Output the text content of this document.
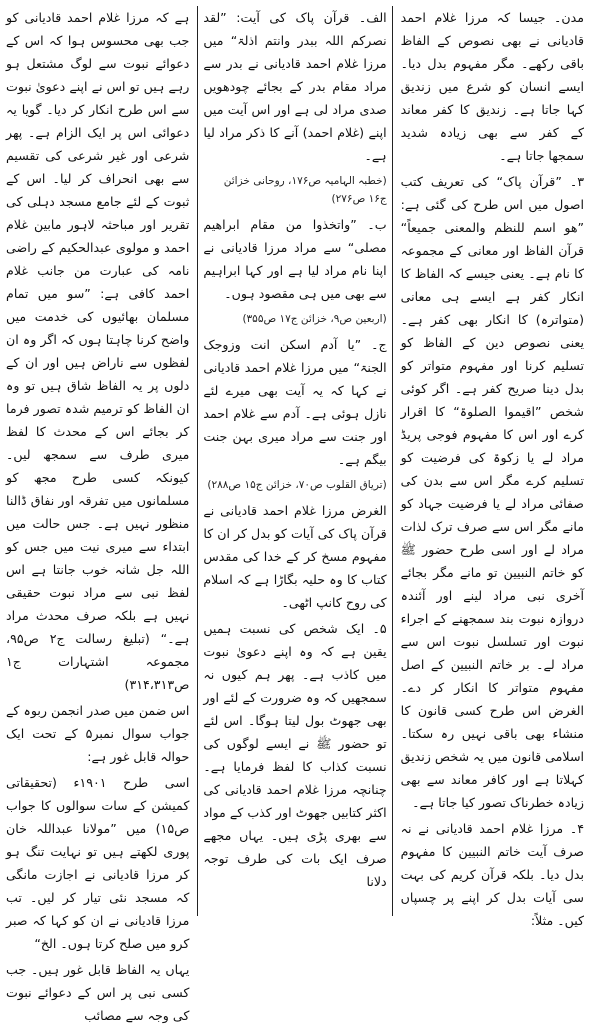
مدن۔ جیسا کہ مرزا غلام احمد قادیانی نے بھی نصوص کے الفاظ باقی رکھے۔ مگر مفہوم بدل دیا۔ ایسے انسان کو شرع میں زندیق کہا جاتا ہے۔ زندیق کا کفر معاند کے کفر سے بھی زیادہ شدید سمجھا جاتا ہے۔

۳۔ ”قرآن پاک“ کی تعریف کتب اصول میں اس طرح کی گئی ہے: ”ھو اسم للنظم والمعنی جمیعاً“ قرآن الفاظ اور معانی کے مجموعہ کا نام ہے۔ یعنی جیسے کہ الفاظ کا انکار کفر ہے ایسے ہی معانی (متواترہ) کا انکار بھی کفر ہے۔ یعنی نصوص دین کے الفاظ کو تسلیم کرنا اور مفہوم متواتر کو بدل دینا صریح کفر ہے۔ اگر کوئی شخص ”اقیموا الصلوۃ“ کا اقرار کرے اور اس کا مفہوم فوجی پریڈ مراد لے یا زکوۃ کی فرضیت کو تسلیم کرے مگر اس سے بدن کی صفائی مراد لے یا فرضیت جہاد کو مانے مگر اس سے صرف ترک لذات مراد لے اور اسی طرح حضور ﷺ کو خاتم النبیین تو مانے مگر بجائے آخری نبی مراد لینے اور آئندہ دروازہ نبوت بند سمجھنے کے اجراء نبوت اور تسلسل نبوت اس سے مراد لے۔ بر خاتم النبیین کے اصل مفہوم متواتر کا انکار کر دے۔ الغرض اس طرح کسی قانون کا منشاء بھی باقی نہیں رہ سکتا۔ اسلامی قانون میں یہ شخص زندیق کہلاتا ہے اور کافر معاند سے بھی زیادہ خطرناک تصور کیا جاتا ہے۔

۴۔ مرزا غلام احمد قادیانی نے نہ صرف آیت خاتم النبیین کا مفہوم بدل دیا۔ بلکہ قرآن کریم کی بہت سی آیات بدل کر اپنے پر چسپاں کیں۔ مثلاً:

الف۔ قرآن پاک کی آیت: ”لقد نصرکم اللہ ببدر وانتم اذلۃ“ میں مرزا غلام احمد قادیانی نے بدر سے مراد مقام بدر کے بجائے چودھویں صدی مراد لی ہے اور اس آیت میں اپنے (غلام احمد) آنے کا ذکر مراد لیا ہے۔

(خطبہ الہامیہ ص۱۷۶، روحانی خزائن ج۱۶ ص۲۷۶)

ب۔ ”واتخذوا من مقام ابراھیم مصلی“ سے مراد مرزا قادیانی نے اپنا نام مراد لیا ہے اور کہا ابراہیم سے بھی میں ہی مقصود ہوں۔

(اربعین ص۹، خزائن ج۱۷ ص۳۵۵)

ج۔ ”یا آدم اسکن انت وزوجک الجنۃ“ میں مرزا غلام احمد قادیانی نے کہا کہ یہ آیت بھی میرے لئے نازل ہوئی ہے۔ آدم سے غلام احمد اور جنت سے مراد میری بہن جنت بیگم ہے۔

(تریاق القلوب ص۷۰، خزائن ج۱۵ ص۲۸۸)

الغرض مرزا غلام احمد قادیانی نے قرآن پاک کی آیات کو بدل کر ان کا مفہوم مسخ کر کے خدا کی مقدس کتاب کا وہ حلیہ بگاڑا ہے کہ اسلام کی روح کانپ اٹھی۔

۵۔ ایک شخص کی نسبت ہمیں یقین ہے کہ وہ اپنے دعویٰ نبوت میں کاذب ہے۔ پھر ہم کیوں نہ سمجھیں کہ وہ ضرورت کے لئے اور بھی جھوٹ بول لیتا ہوگا۔ اس لئے تو حضور ﷺ نے ایسے لوگوں کی نسبت کذاب کا لفظ فرمایا ہے۔ چنانچہ مرزا غلام احمد قادیانی کی اکثر کتابیں جھوٹ اور کذب کے مواد سے بھری پڑی ہیں۔ یہاں مجھے صرف ایک بات کی طرف توجہ دلانا

ہے کہ مرزا غلام احمد قادیانی کو جب بھی محسوس ہوا کہ اس کے دعوائے نبوت سے لوگ مشتعل ہو رہے ہیں تو اس نے اپنے دعویٰ نبوت سے اس طرح انکار کر دیا۔ گویا یہ دعوائی اس پر ایک الزام ہے۔ پھر شرعی اور غیر شرعی کی تقسیم سے بھی انحراف کر لیا۔ اس کے ثبوت کے لئے جامع مسجد دہلی کی تقریر اور مباحثہ لاہور مابین غلام احمد و مولوی عبدالحکیم کے راضی نامہ کی عبارت من جانب غلام احمد کافی ہے: ”سو میں تمام مسلمان بھائیوں کی خدمت میں واضح کرنا چاہتا ہوں کہ اگر وہ ان لفظوں سے ناراض ہیں اور ان کے دلوں پر یہ الفاظ شاق ہیں تو وہ ان الفاظ کو ترمیم شدہ تصور فرما کر بجائے اس کے محدث کا لفظ میری طرف سے سمجھ لیں۔ کیونکہ کسی طرح مجھ کو مسلمانوں میں تفرقہ اور نفاق ڈالنا منظور نہیں ہے۔ جس حالت میں ابتداء سے میری نیت میں جس کو اللہ جل شانہ خوب جانتا ہے اس لفظ نبی سے مراد نبوت حقیقی نہیں ہے بلکہ صرف محدث مراد ہے۔“ (تبلیغ رسالت ج۲ ص۹۵، مجموعہ اشتہارات ج۱ ص۳۱۴،۳۱۳)

اس ضمن میں صدر انجمن ربوہ کے جواب سوال نمبر۵ کے تحت ایک حوالہ قابل غور ہے:

اسی طرح ۱۹۰۱ء (تحقیقاتی کمیشن کے سات سوالوں کا جواب ص۱۵) میں ”مولانا عبداللہ خان پوری لکھتے ہیں تو نہایت تنگ ہو کر مرزا قادیانی نے اجازت مانگی کہ مسجد نئی تیار کر لیں۔ تب مرزا قادیانی نے ان کو کہا کہ صبر کرو میں صلح کرتا ہوں۔ الخ“

یہاں یہ الفاظ قابل غور ہیں۔ جب کسی نبی پر اس کے دعوائے نبوت کی وجہ سے مصائب
